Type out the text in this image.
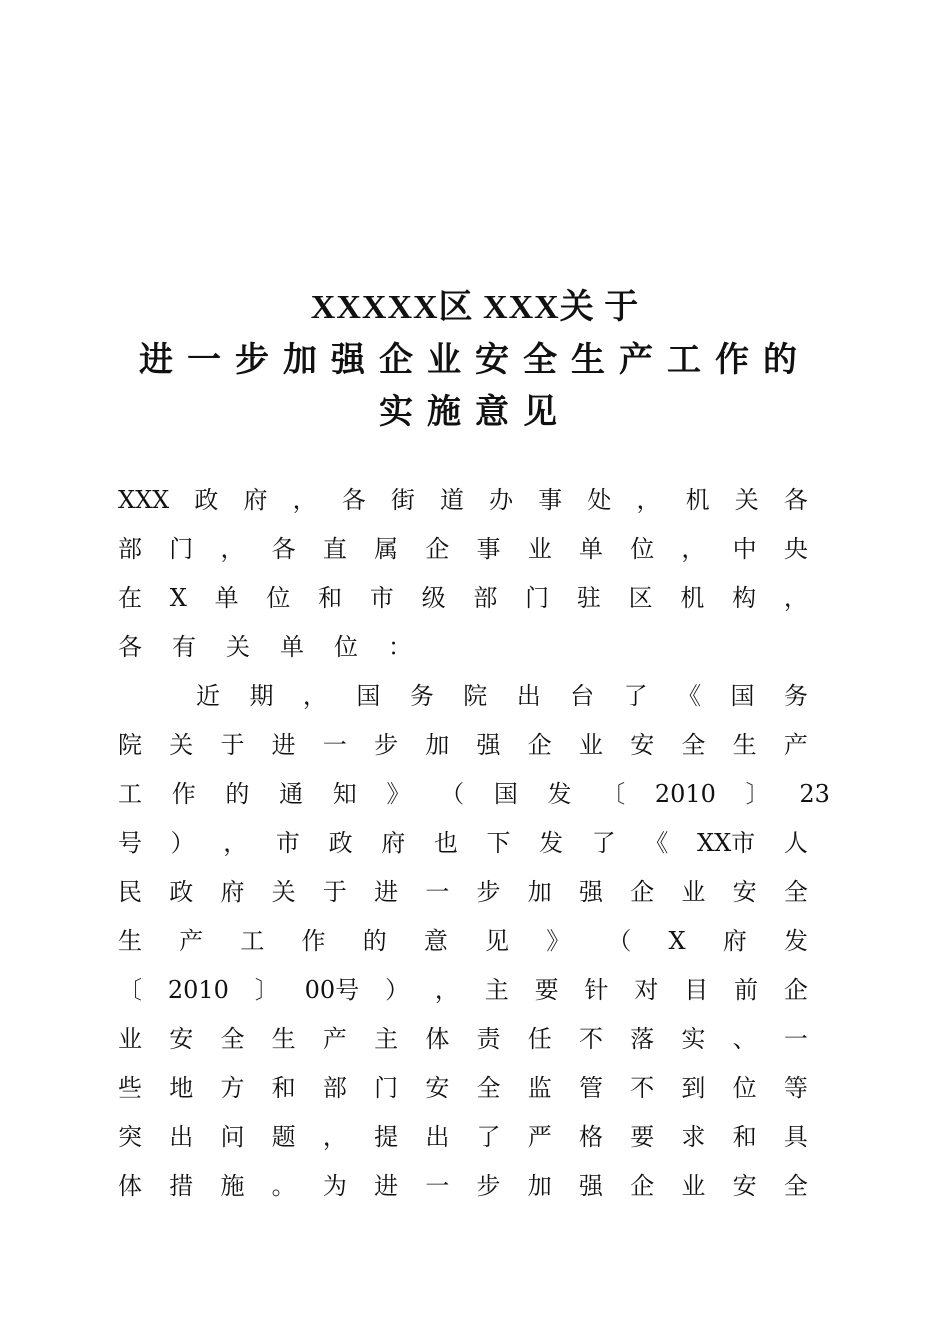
XXXXX区 XXX关 于
进一步加强企业安全生产工作的
实施意见
XXX 政 府 ， 各 街 道 办 事 处 ， 机 关 各
部 门 ， 各 直 属 企 事 业 单 位 ， 中 央
在 X 单 位 和 市 级 部 门 驻 区 机 构 ，
各 有 关 单 位 ：
近 期 ， 国 务 院 出 台 了 《 国 务
院 关 于 进 一 步 加 强 企 业 安 全 生 产
工 作 的 通 知 》 （ 国 发 〔 2010 〕 23
号 ） ， 市 政 府 也 下 发 了 《 XX市 人
民 政 府 关 于 进 一 步 加 强 企 业 安 全
生 产 工 作 的 意 见 》 （ X 府 发
〔 2010 〕 00号 ） ， 主 要 针 对 目 前 企
业 安 全 生 产 主 体 责 任 不 落 实 、 一
些 地 方 和 部 门 安 全 监 管 不 到 位 等
突 出 问 题 ， 提 出 了 严 格 要 求 和 具
体 措 施 。 为 进 一 步 加 强 企 业 安 全
